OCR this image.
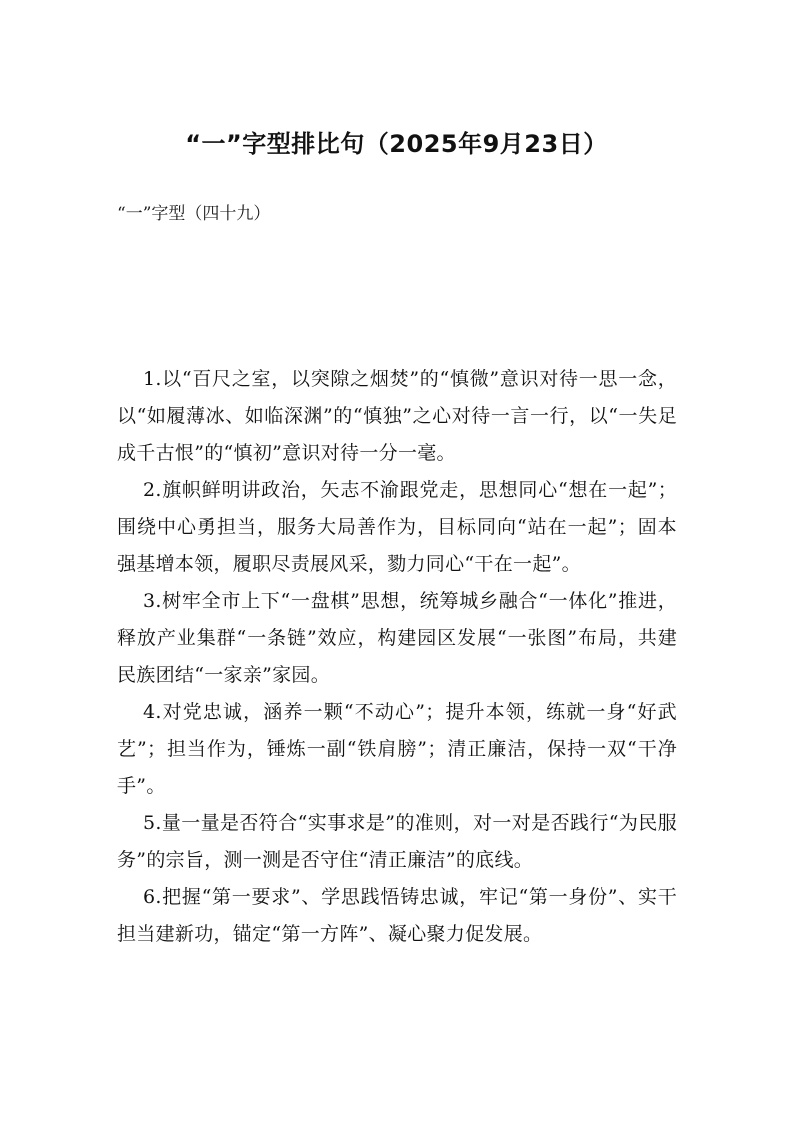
“一”字型排比句（2025年9月23日）
“一”字型（四十九）

1.以“百尺之室，以突隙之烟焚”的“慎微”意识对待一思一念，以“如履薄冰、如临深渊”的“慎独”之心对待一言一行，以“一失足成千古恨”的“慎初”意识对待一分一毫。

2.旗帜鲜明讲政治，矢志不渝跟党走，思想同心“想在一起”；围绕中心勇担当，服务大局善作为，目标同向“站在一起”；固本强基增本领，履职尽责展风采，勠力同心“干在一起”。

3.树牢全市上下“一盘棋”思想，统筹城乡融合“一体化”推进，释放产业集群“一条链”效应，构建园区发展“一张图”布局，共建民族团结“一家亲”家园。

4.对党忠诚，涵养一颗“不动心”；提升本领，练就一身“好武艺”；担当作为，锤炼一副“铁肩膀”；清正廉洁，保持一双“干净手”。

5.量一量是否符合“实事求是”的准则，对一对是否践行“为民服务”的宗旨，测一测是否守住“清正廉洁”的底线。

6.把握“第一要求”、学思践悟铸忠诚，牢记“第一身份”、实干担当建新功，锚定“第一方阵”、凝心聚力促发展。
